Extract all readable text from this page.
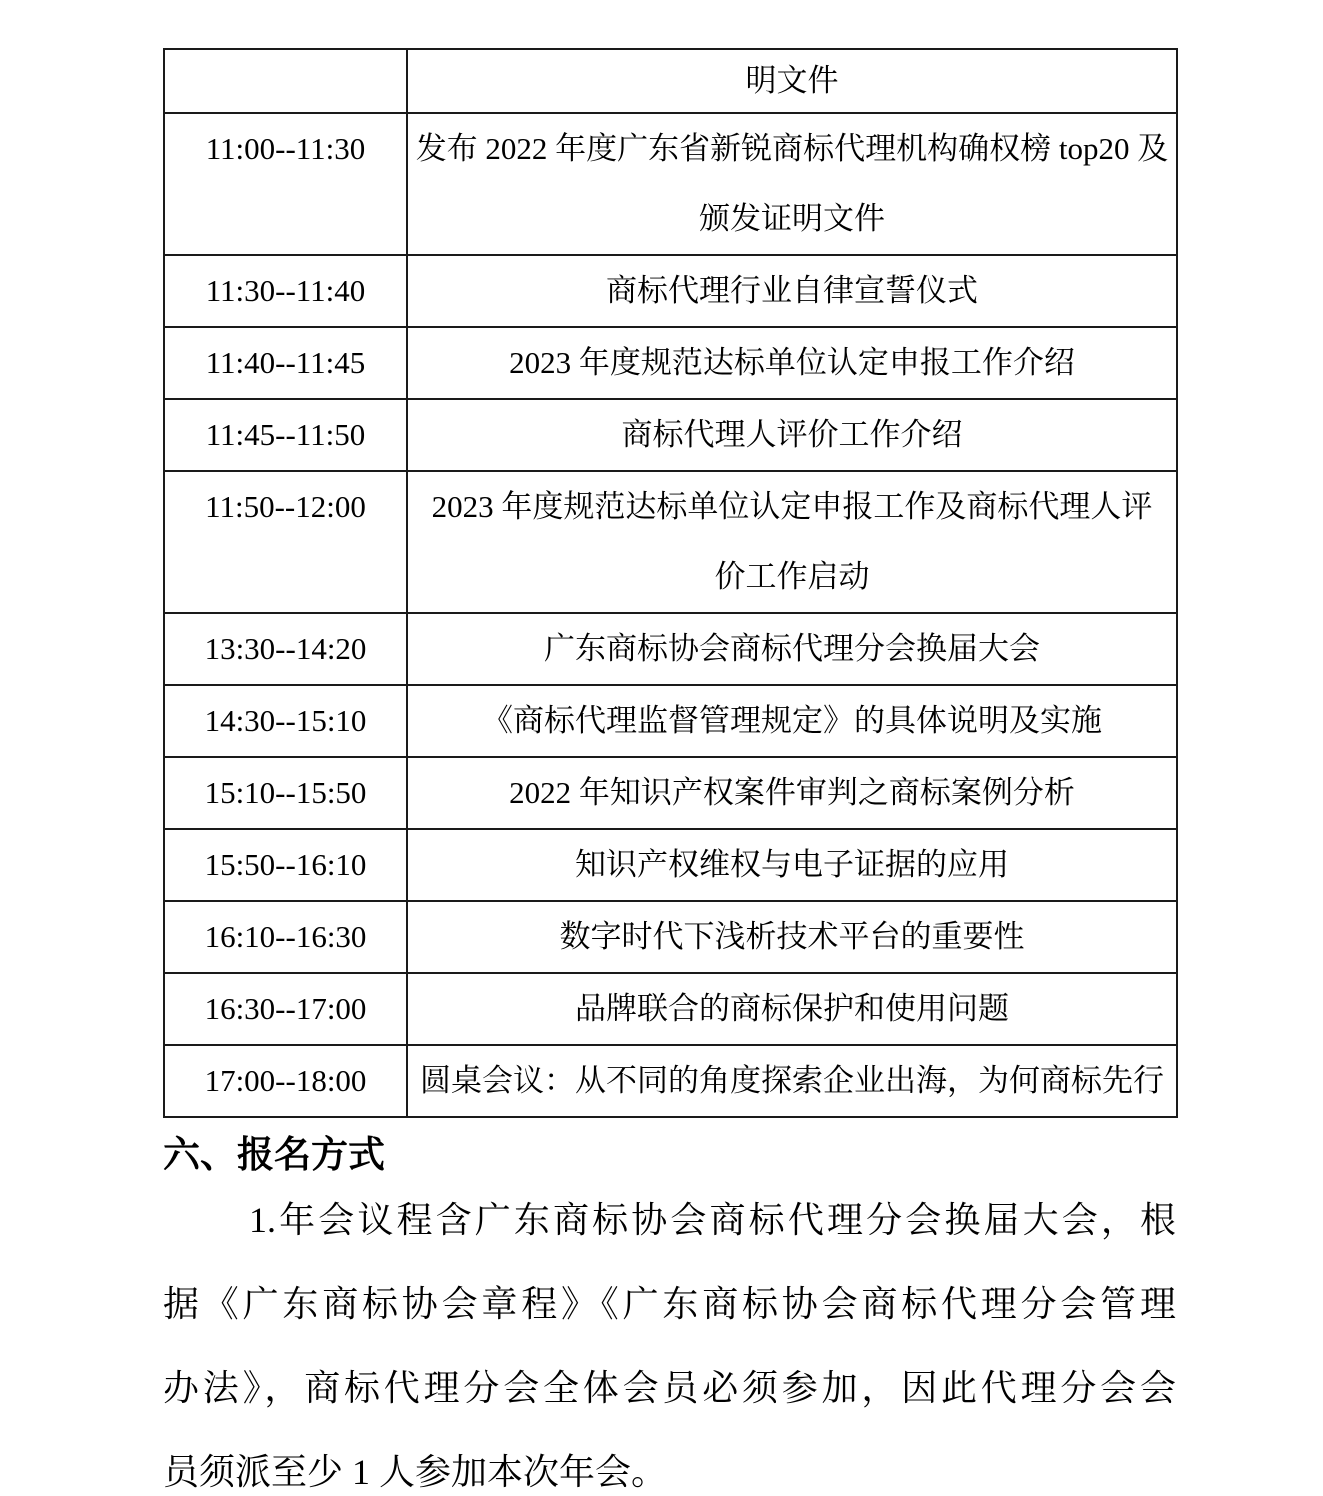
	明文件

11:00--11:30	发布 2022 年度广东省新锐商标代理机构确权榜 top20 及
颁发证明文件

11:30--11:40	商标代理行业自律宣誓仪式

11:40--11:45	2023 年度规范达标单位认定申报工作介绍

11:45--11:50	商标代理人评价工作介绍

11:50--12:00	2023 年度规范达标单位认定申报工作及商标代理人评
价工作启动

13:30--14:20	广东商标协会商标代理分会换届大会

14:30--15:10	《商标代理监督管理规定》的具体说明及实施

15:10--15:50	2022 年知识产权案件审判之商标案例分析

15:50--16:10	知识产权维权与电子证据的应用

16:10--16:30	数字时代下浅析技术平台的重要性

16:30--17:00	品牌联合的商标保护和使用问题

17:00--18:00	圆桌会议：从不同的角度探索企业出海，为何商标先行
六、报名方式
1.年会议程含广东商标协会商标代理分会换届大会，根
据《广东商标协会章程》《广东商标协会商标代理分会管理
办法》，商标代理分会全体会员必须参加，因此代理分会会
员须派至少 1 人参加本次年会。
